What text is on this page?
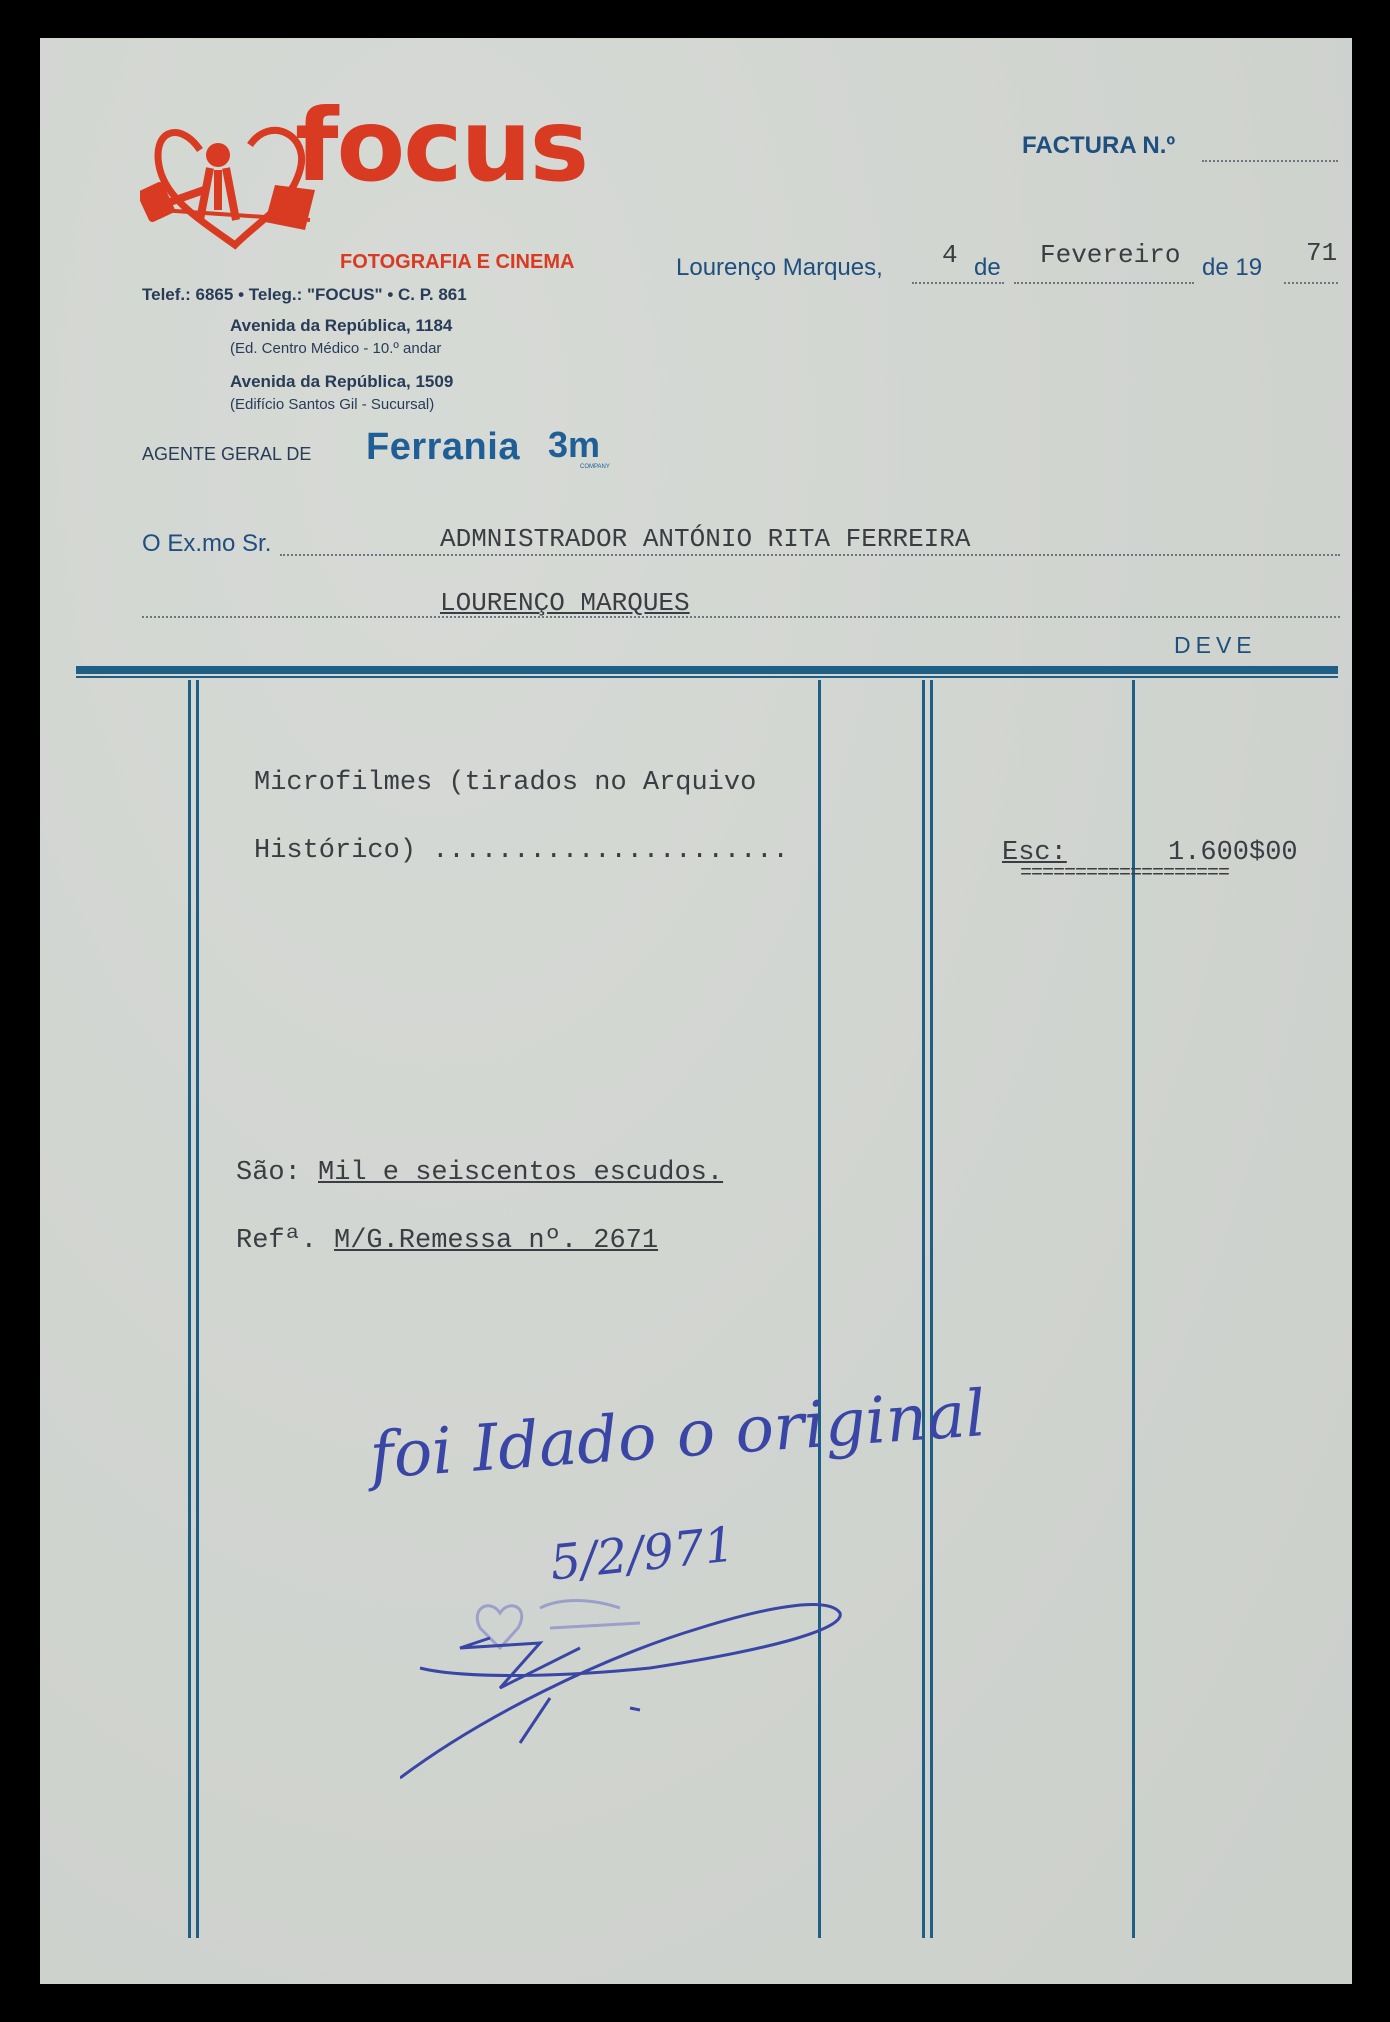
focus
FOTOGRAFIA E CINEMA
Telef.: 6865 • Teleg.: "FOCUS" • C. P. 861
Avenida da República, 1184
(Ed. Centro Médico - 10.º andar
Avenida da República, 1509
(Edifício Santos Gil - Sucursal)
AGENTE GERAL DE Ferrania 3m
COMPANY
FACTURA N.º
Lourenço Marques, 4 de Fevereiro de 19 71
O Ex.mo Sr.	ADMNISTRADOR ANTÓNIO RITA FERREIRA
LOURENÇO MARQUES
DEVE
Microfilmes (tirados no Arquivo
Histórico) ......................	Esc:	1.600$00
===================
São: Mil e seiscentos escudos.
Refª. M/G.Remessa nº. 2671
foi Idado o original
5/2/971
